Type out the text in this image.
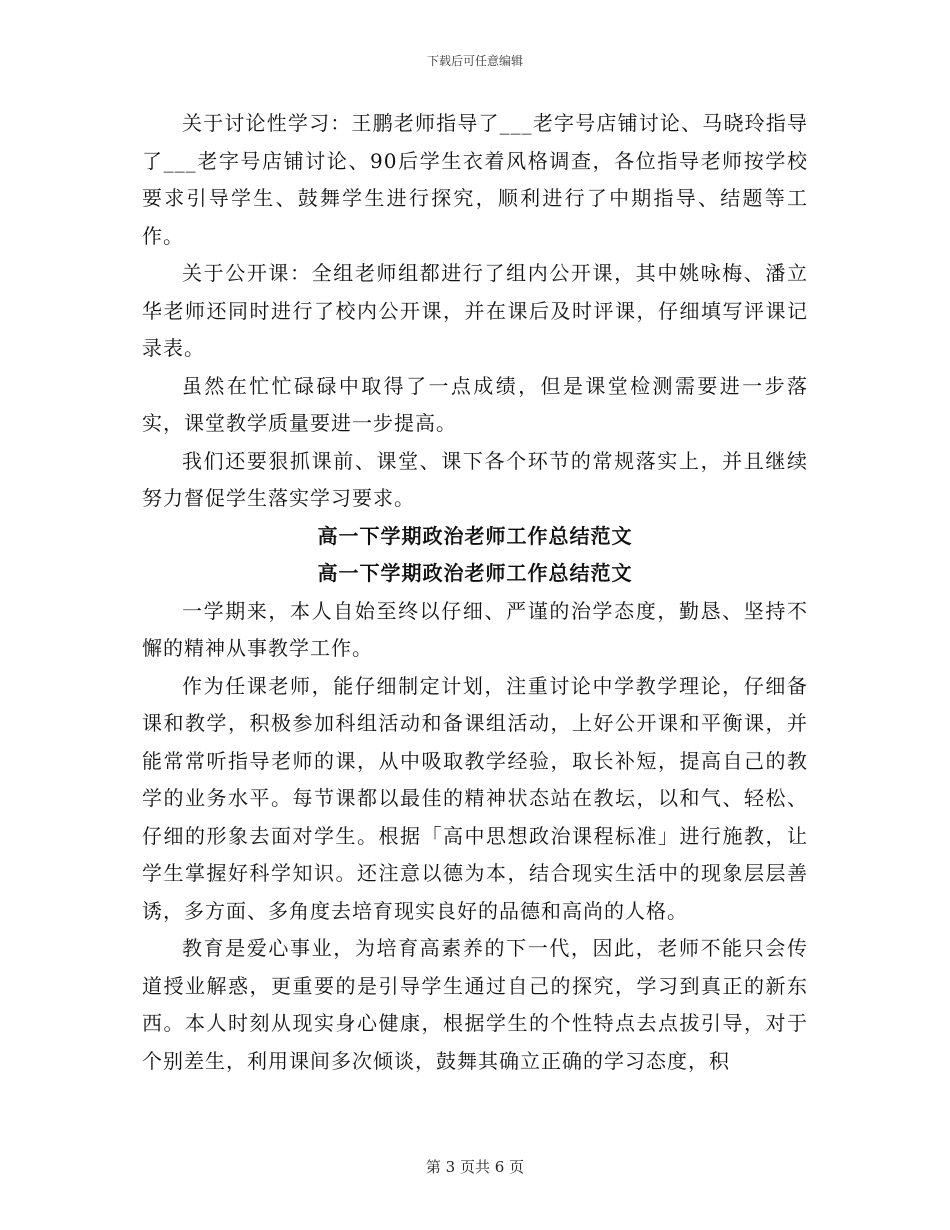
下载后可任意编辑

关于讨论性学习：王鹏老师指导了___老字号店铺讨论、马晓玲指导了___老字号店铺讨论、90后学生衣着风格调查，各位指导老师按学校要求引导学生、鼓舞学生进行探究，顺利进行了中期指导、结题等工作。

关于公开课：全组老师组都进行了组内公开课，其中姚咏梅、潘立华老师还同时进行了校内公开课，并在课后及时评课，仔细填写评课记录表。

虽然在忙忙碌碌中取得了一点成绩，但是课堂检测需要进一步落实，课堂教学质量要进一步提高。

我们还要狠抓课前、课堂、课下各个环节的常规落实上，并且继续努力督促学生落实学习要求。

高一下学期政治老师工作总结范文

高一下学期政治老师工作总结范文

一学期来，本人自始至终以仔细、严谨的治学态度，勤恳、坚持不懈的精神从事教学工作。

作为任课老师，能仔细制定计划，注重讨论中学教学理论，仔细备课和教学，积极参加科组活动和备课组活动，上好公开课和平衡课，并能常常听指导老师的课，从中吸取教学经验，取长补短，提高自己的教学的业务水平。每节课都以最佳的精神状态站在教坛，以和气、轻松、仔细的形象去面对学生。根据「高中思想政治课程标准」进行施教，让学生掌握好科学知识。还注意以德为本，结合现实生活中的现象层层善诱，多方面、多角度去培育现实良好的品德和高尚的人格。

教育是爱心事业，为培育高素养的下一代，因此，老师不能只会传道授业解惑，更重要的是引导学生通过自己的探究，学习到真正的新东西。本人时刻从现实身心健康，根据学生的个性特点去点拔引导，对于个别差生，利用课间多次倾谈，鼓舞其确立正确的学习态度，积

第 3 页共 6 页
